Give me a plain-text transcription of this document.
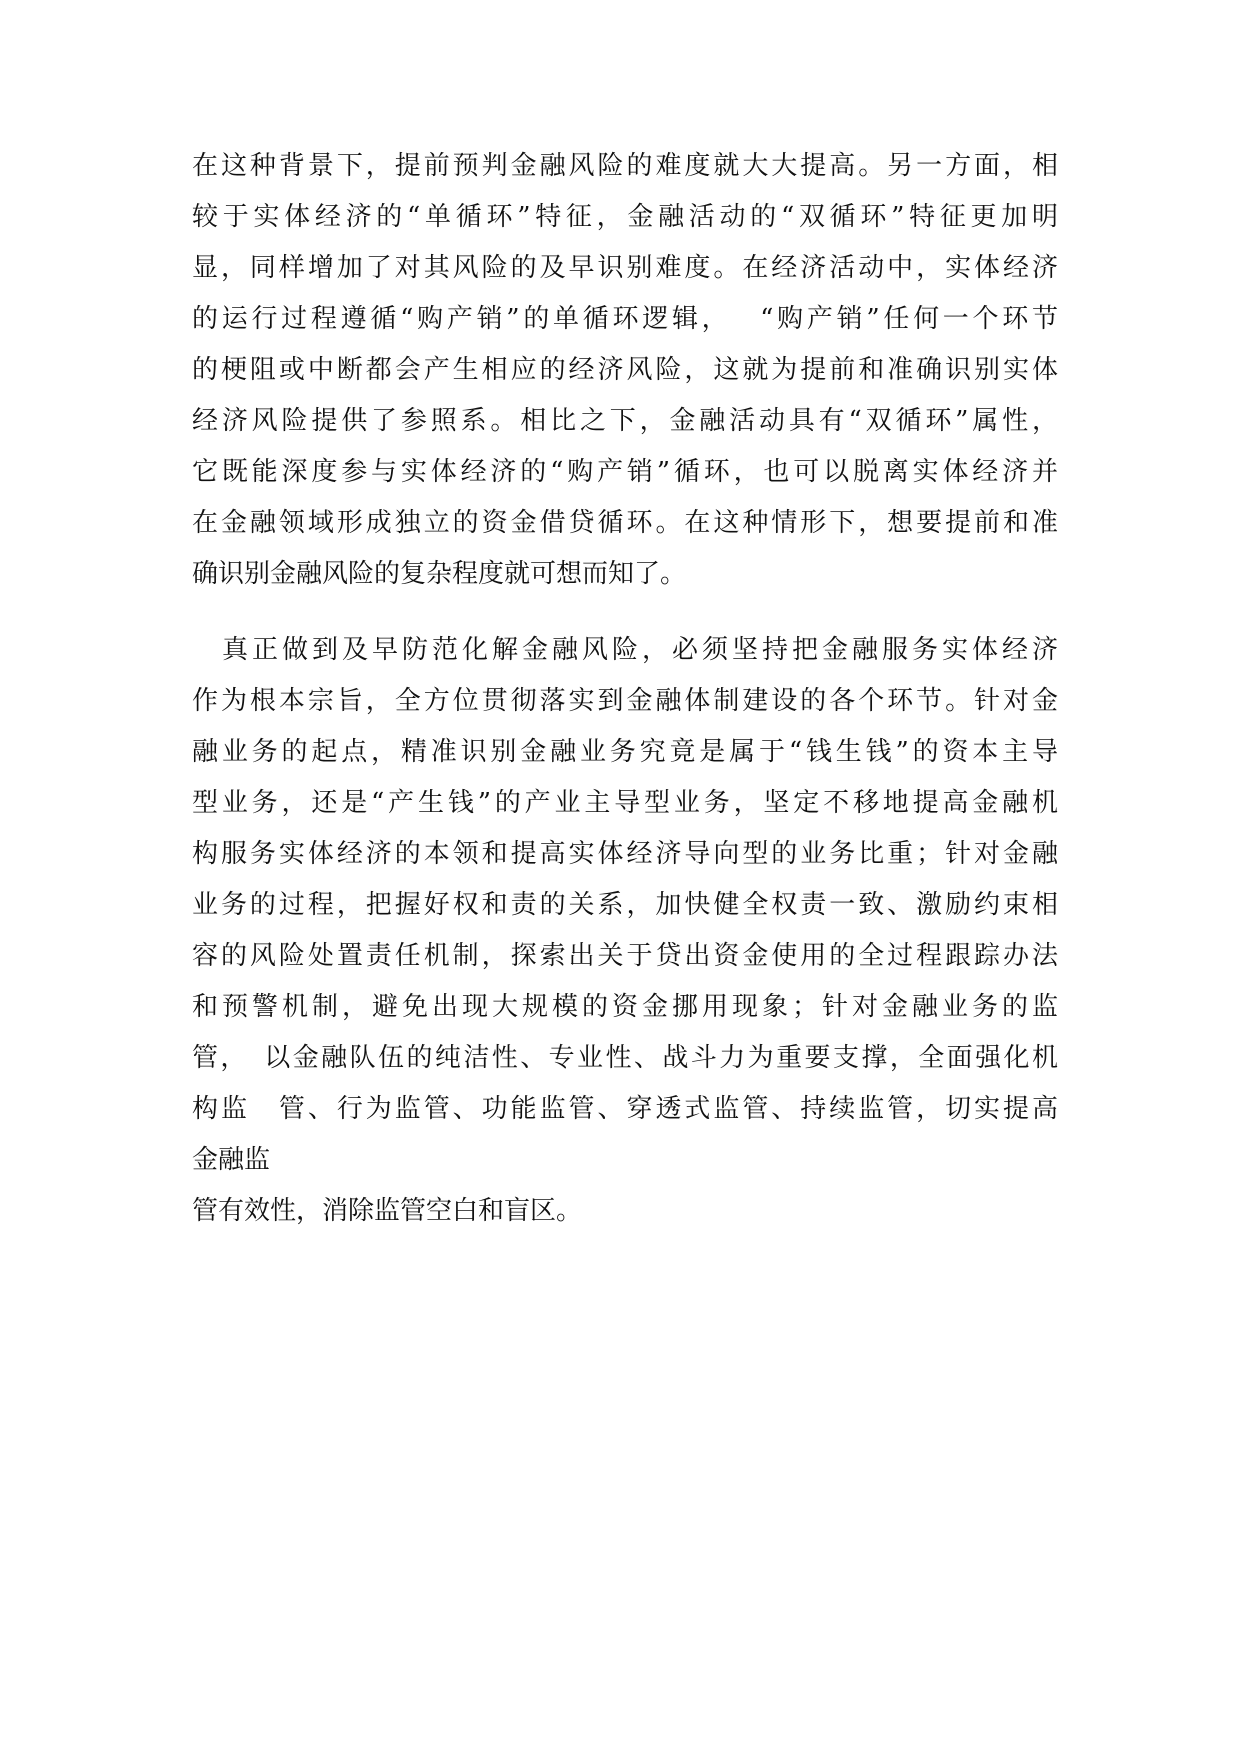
在这种背景下，提前预判金融风险的难度就大大提高。另一方面，相
较于实体经济的“单循环”特征，金融活动的“双循环”特征更加明
显，同样增加了对其风险的及早识别难度。在经济活动中，实体经济
的运行过程遵循“购产销”的单循环逻辑，　 “购产销”任何一个环节
的梗阻或中断都会产生相应的经济风险，这就为提前和准确识别实体
经济风险提供了参照系。相比之下，金融活动具有“双循环”属性，
它既能深度参与实体经济的“购产销”循环，也可以脱离实体经济并
在金融领域形成独立的资金借贷循环。在这种情形下，想要提前和准
确识别金融风险的复杂程度就可想而知了。
　真正做到及早防范化解金融风险，必须坚持把金融服务实体经济
作为根本宗旨，全方位贯彻落实到金融体制建设的各个环节。针对金
融业务的起点，精准识别金融业务究竟是属于“钱生钱”的资本主导
型业务，还是“产生钱”的产业主导型业务，坚定不移地提高金融机
构服务实体经济的本领和提高实体经济导向型的业务比重；针对金融
业务的过程，把握好权和责的关系，加快健全权责一致、激励约束相
容的风险处置责任机制，探索出关于贷出资金使用的全过程跟踪办法
和预警机制，避免出现大规模的资金挪用现象；针对金融业务的监
管，　以金融队伍的纯洁性、专业性、战斗力为重要支撑，全面强化机
构监　管、行为监管、功能监管、穿透式监管、持续监管，切实提高
金融监
管有效性，消除监管空白和盲区。
